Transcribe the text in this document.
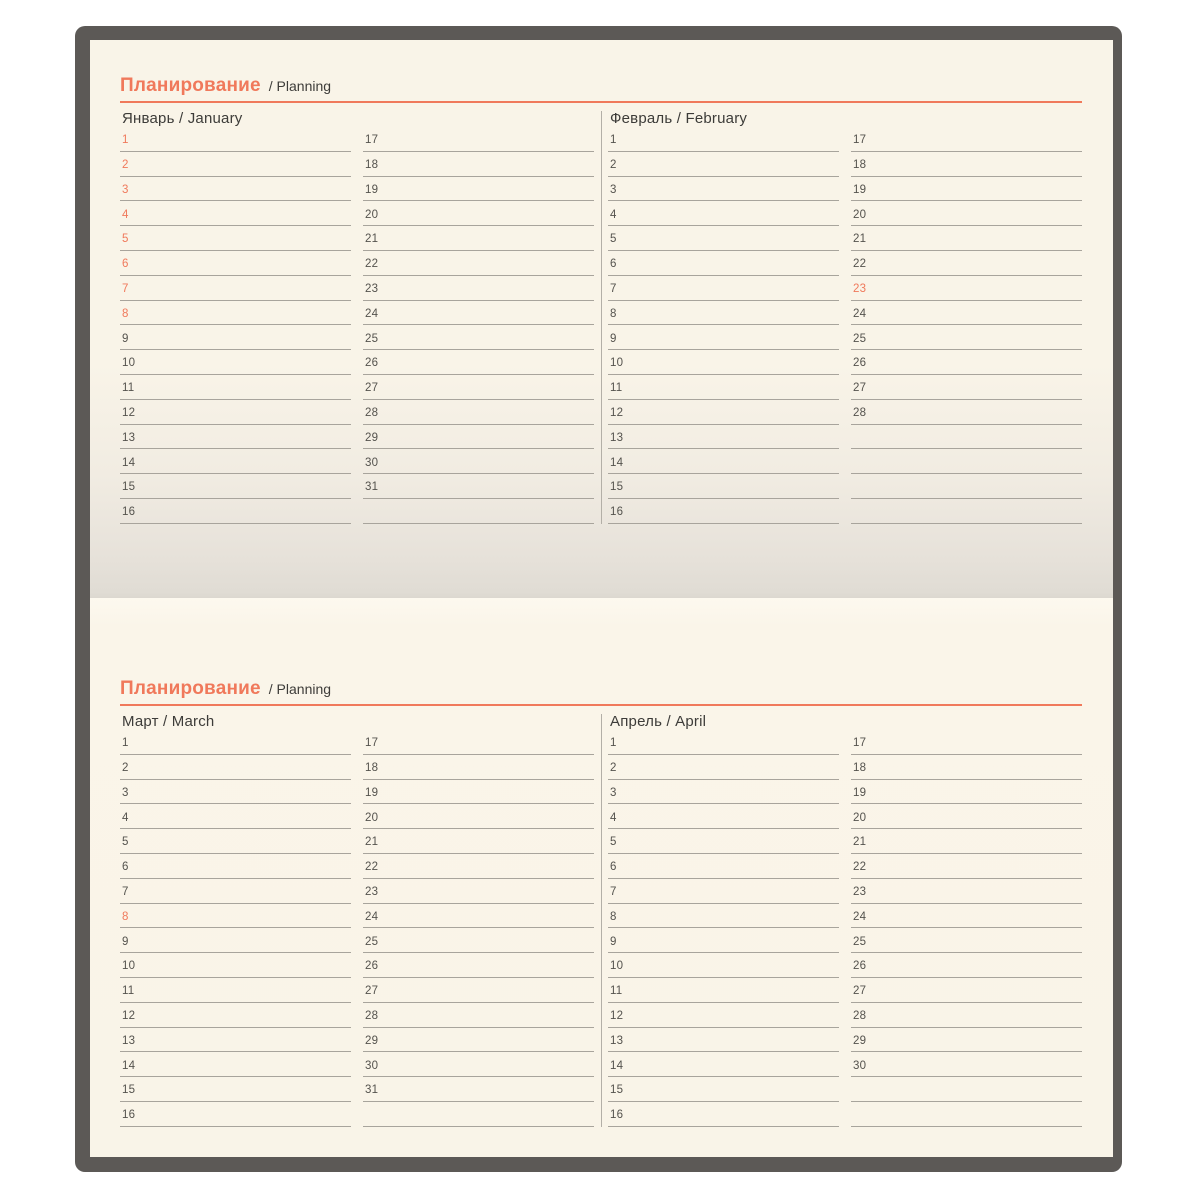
Планирование / Planning
Январь / January
1
2
3
4
5
6
7
8
9
10
11
12
13
14
15
16
17
18
19
20
21
22
23
24
25
26
27
28
29
30
31
Февраль / February
1
2
3
4
5
6
7
8
9
10
11
12
13
14
15
16
17
18
19
20
21
22
23
24
25
26
27
28
Планирование / Planning
Март / March
1
2
3
4
5
6
7
8
9
10
11
12
13
14
15
16
17
18
19
20
21
22
23
24
25
26
27
28
29
30
31
Апрель / April
1
2
3
4
5
6
7
8
9
10
11
12
13
14
15
16
17
18
19
20
21
22
23
24
25
26
27
28
29
30
